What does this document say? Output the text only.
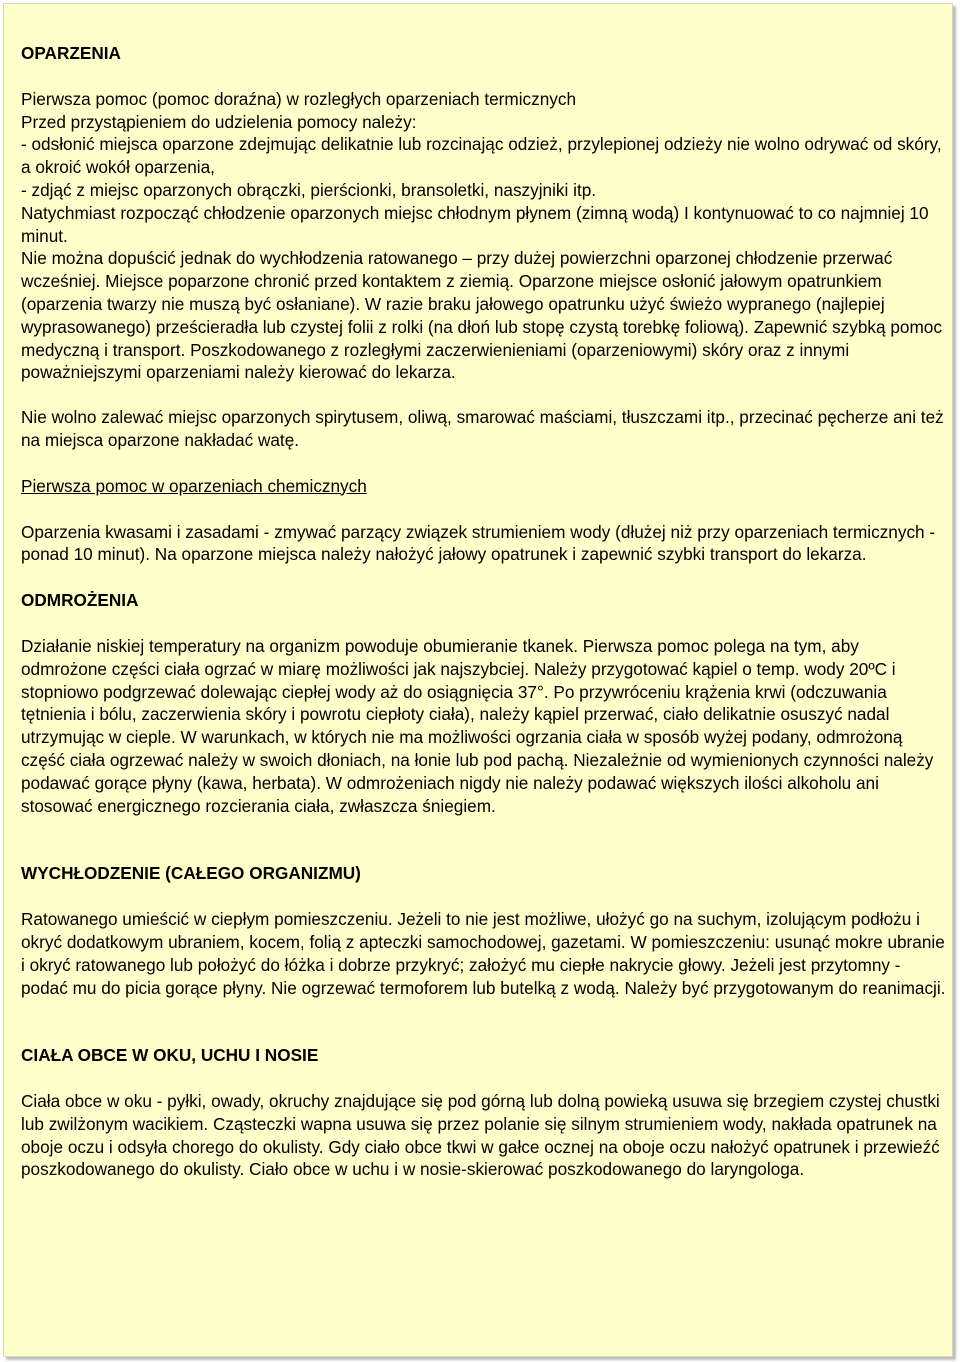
OPARZENIA

Pierwsza pomoc (pomoc doraźna) w rozległych oparzeniach termicznych

Przed przystąpieniem do udzielenia pomocy należy:

- odsłonić miejsca oparzone zdejmując delikatnie lub rozcinając odzież, przylepionej odzieży nie wolno odrywać od skóry, a okroić wokół oparzenia,

- zdjąć z miejsc oparzonych obrączki, pierścionki, bransoletki, naszyjniki itp.

Natychmiast rozpocząć chłodzenie oparzonych miejsc chłodnym płynem (zimną wodą) I kontynuować to co najmniej 10 minut.

Nie można dopuścić jednak do wychłodzenia ratowanego – przy dużej powierzchni oparzonej chłodzenie przerwać wcześniej. Miejsce poparzone chronić przed kontaktem z ziemią. Oparzone miejsce osłonić jałowym opatrunkiem (oparzenia twarzy nie muszą być osłaniane). W razie braku jałowego opatrunku użyć świeżo wypranego (najlepiej wyprasowanego) prześcieradła lub czystej folii z rolki (na dłoń lub stopę czystą torebkę foliową). Zapewnić szybką pomoc medyczną i transport. Poszkodowanego z rozległymi zaczerwienieniami (oparzeniowymi) skóry oraz z innymi poważniejszymi oparzeniami należy kierować do lekarza.

Nie wolno zalewać miejsc oparzonych spirytusem, oliwą, smarować maściami, tłuszczami itp., przecinać pęcherze ani też na miejsca oparzone nakładać watę.

Pierwsza pomoc w oparzeniach chemicznych

Oparzenia kwasami i zasadami - zmywać parzący związek strumieniem wody (dłużej niż przy oparzeniach termicznych - ponad 10 minut). Na oparzone miejsca należy nałożyć jałowy opatrunek i zapewnić szybki transport do lekarza.

ODMROŻENIA

Działanie niskiej temperatury na organizm powoduje obumieranie tkanek. Pierwsza pomoc polega na tym, aby odmrożone części ciała ogrzać w miarę możliwości jak najszybciej. Należy przygotować kąpiel o temp. wody 20ºC i stopniowo podgrzewać dolewając ciepłej wody aż do osiągnięcia 37°. Po przywróceniu krążenia krwi (odczuwania tętnienia i bólu, zaczerwienia skóry i powrotu ciepłoty ciała), należy kąpiel przerwać, ciało delikatnie osuszyć nadal utrzymując w cieple. W warunkach, w których nie ma możliwości ogrzania ciała w sposób wyżej podany, odmrożoną część ciała ogrzewać należy w swoich dłoniach, na łonie lub pod pachą. Niezależnie od wymienionych czynności należy podawać gorące płyny (kawa, herbata). W odmrożeniach nigdy nie należy podawać większych ilości alkoholu ani stosować energicznego rozcierania ciała, zwłaszcza śniegiem.

WYCHŁODZENIE (CAŁEGO ORGANIZMU)

Ratowanego umieścić w ciepłym pomieszczeniu. Jeżeli to nie jest możliwe, ułożyć go na suchym, izolującym podłożu i okryć dodatkowym ubraniem, kocem, folią z apteczki samochodowej, gazetami. W pomieszczeniu: usunąć mokre ubranie i okryć ratowanego lub położyć do łóżka i dobrze przykryć; założyć mu ciepłe nakrycie głowy. Jeżeli jest przytomny - podać mu do picia gorące płyny. Nie ogrzewać termoforem lub butelką z wodą. Należy być przygotowanym do reanimacji.

CIAŁA OBCE W OKU, UCHU I NOSIE

Ciała obce w oku - pyłki, owady, okruchy znajdujące się pod górną lub dolną powieką usuwa się brzegiem czystej chustki lub zwilżonym wacikiem. Cząsteczki wapna usuwa się przez polanie się silnym strumieniem wody, nakłada opatrunek na oboje oczu i odsyła chorego do okulisty. Gdy ciało obce tkwi w gałce ocznej na oboje oczu nałożyć opatrunek i przewieźć poszkodowanego do okulisty. Ciało obce w uchu i w nosie-skierować poszkodowanego do laryngologa.
